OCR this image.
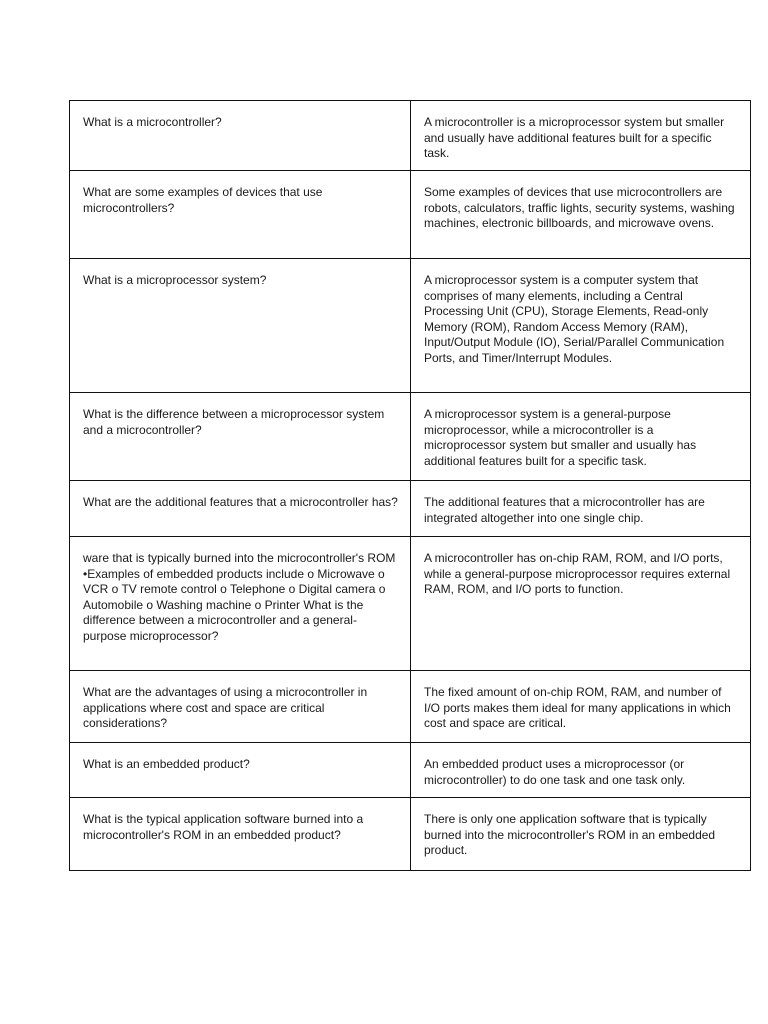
What is a microcontroller?	A microcontroller is a microprocessor system but smaller and usually have additional features built for a specific task.
What are some examples of devices that use microcontrollers?	Some examples of devices that use microcontrollers are robots, calculators, traffic lights, security systems, washing machines, electronic billboards, and microwave ovens.
What is a microprocessor system?	A microprocessor system is a computer system that comprises of many elements, including a Central Processing Unit (CPU), Storage Elements, Read-only Memory (ROM), Random Access Memory (RAM), Input/Output Module (IO), Serial/Parallel Communication Ports, and Timer/Interrupt Modules.
What is the difference between a microprocessor system and a microcontroller?	A microprocessor system is a general-purpose microprocessor, while a microcontroller is a microprocessor system but smaller and usually has additional features built for a specific task.
What are the additional features that a microcontroller has?	The additional features that a microcontroller has are integrated altogether into one single chip.
ware that is typically burned into the microcontroller's ROM •Examples of embedded products include o Microwave o VCR o TV remote control o Telephone o Digital camera o Automobile o Washing machine o Printer What is the difference between a microcontroller and a general-purpose microprocessor?	A microcontroller has on-chip RAM, ROM, and I/O ports, while a general-purpose microprocessor requires external RAM, ROM, and I/O ports to function.
What are the advantages of using a microcontroller in applications where cost and space are critical considerations?	The fixed amount of on-chip ROM, RAM, and number of I/O ports makes them ideal for many applications in which cost and space are critical.
What is an embedded product?	An embedded product uses a microprocessor (or microcontroller) to do one task and one task only.
What is the typical application software burned into a microcontroller's ROM in an embedded product?	There is only one application software that is typically burned into the microcontroller's ROM in an embedded product.
